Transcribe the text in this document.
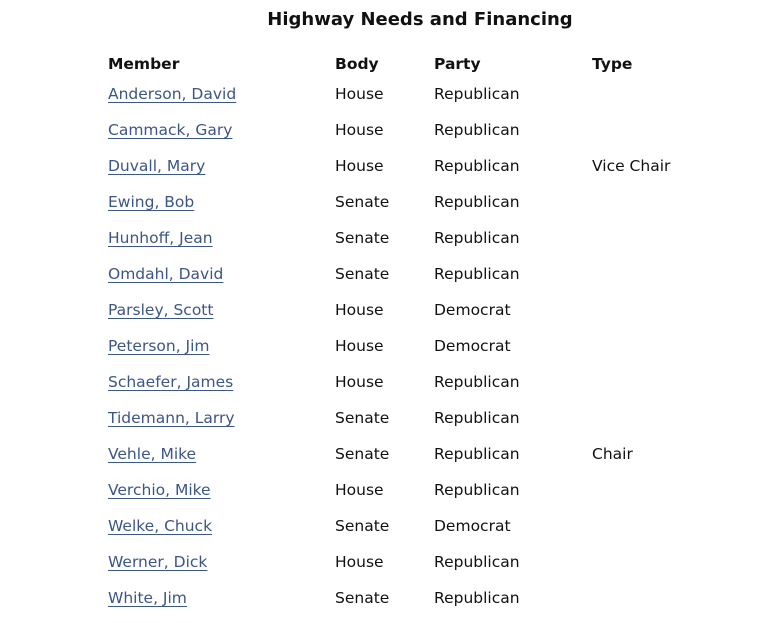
Highway Needs and Financing
Member	Body	Party	Type
Anderson, David	House	Republican
Cammack, Gary	House	Republican
Duvall, Mary	House	Republican	Vice Chair
Ewing, Bob	Senate	Republican
Hunhoff, Jean	Senate	Republican
Omdahl, David	Senate	Republican
Parsley, Scott	House	Democrat
Peterson, Jim	House	Democrat
Schaefer, James	House	Republican
Tidemann, Larry	Senate	Republican
Vehle, Mike	Senate	Republican	Chair
Verchio, Mike	House	Republican
Welke, Chuck	Senate	Democrat
Werner, Dick	House	Republican
White, Jim	Senate	Republican
